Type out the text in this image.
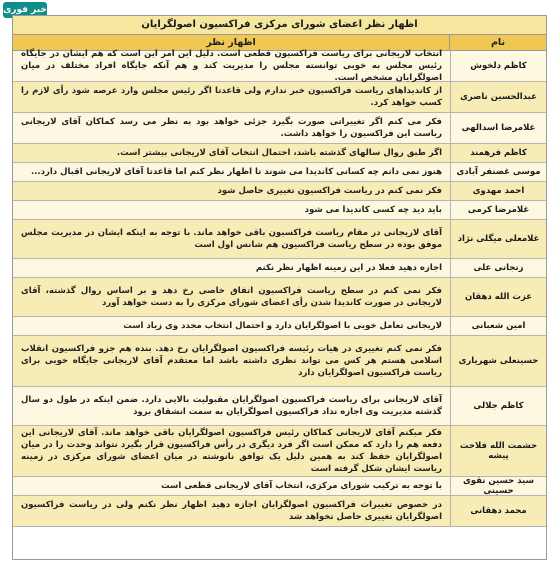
خبر فوری
اظهار نظر اعضای شورای مرکزی فراکسیون اصولگرایان
نام
اظهار نظر
کاظم دلخوش
انتخاب لاریجانی برای ریاست فراکسیون قطعی است. دلیل این امر این است که هم ایشان در جایگاه رئیس مجلس به خوبی توانسته مجلس را مدیریت کند و هم آنکه جایگاه افراد مختلف در میان اصولگرایان مشخص است.
عبدالحسین ناصری
از کاندیداهای ریاست فراکسیون خبر ندارم ولی قاعدتا اگر رئیس مجلس وارد عرصه شود رأی لازم را کسب خواهد کرد.
غلامرضا اسدالهی
فکر می کنم اگر تغییراتی صورت بگیرد جزئی خواهد بود به نظر می رسد کماکان آقای لاریجانی ریاست این فراکسیون را خواهد داشت.
کاظم فرهمند
اگر طبق روال سالهای گذشته باشد، احتمال انتخاب آقای لاریجانی بیشتر است.
موسی غضنفر آبادی
هنوز نمی دانم چه کسانی کاندیدا می شوند تا اظهار نظر کنم اما قاعدتا آقای لاریجانی اقبال دارد...
احمد مهدوی
فکر نمی کنم در ریاست فراکسیون تغییری حاصل شود
غلامرضا کرمی
باید دید چه کسی کاندیدا می شود
غلامعلی میگلی نژاد
آقای لاریجانی در مقام ریاست فراکسیون باقی خواهد ماند. با توجه به اینکه ایشان در مدیریت مجلس موفق بوده در سطح ریاست فراکسیون هم شانس اول است
زنجانی علی
اجازه دهید فعلا در این زمینه اظهار نظر نکنم
عزت الله دهقان
فکر نمی کنم در سطح ریاست فراکسیون اتفاق خاصی رخ دهد و بر اساس روال گذشته، آقای لاریجانی در صورت کاندیدا شدن رأی اعضای شورای مرکزی را به دست خواهد آورد
امین شعبانی
لاریجانی تعامل خوبی با اصولگرایان دارد و احتمال انتخاب مجدد وی زیاد است
حسینعلی شهریاری
فکر نمی کنم تغییری در هیات رئیسه فراکسیون اصولگرایان رخ دهد. بنده هم جزو فراکسیون انقلاب اسلامی هستم هر کس می تواند نظری داشته باشد اما معتقدم آقای لاریجانی جایگاه خوبی برای ریاست فراکسیون اصولگرایان دارد
کاظم جلالی
آقای لاریجانی برای ریاست فراکسیون اصولگرایان مقبولیت بالایی دارد. ضمن اینکه در طول دو سال گذشته مدیریت وی اجازه نداد فراکسیون اصولگرایان به سمت انشقاق برود
حشمت الله فلاحت پیشه
فکر میکنم آقای لاریجانی کماکان رئیس فراکسیون اصولگرایان باقی خواهد ماند. آقای لاریجانی این دفعه هم را دارد که ممکن است اگر فرد دیگری در رأس فراکسیون قرار بگیرد نتواند وحدت را در میان اصولگرایان حفظ کند به همین دلیل یک توافق نانوشته در میان اعضای شورای مرکزی در زمینه ریاست ایشان شکل گرفته است
سید حسین نقوی حسینی
با توجه به ترکیب شورای مرکزی، انتخاب آقای لاریجانی قطعی است
محمد دهقانی
در خصوص تغییرات فراکسیون اصولگرایان اجازه دهید اظهار نظر نکنم ولی در ریاست فراکسیون اصولگرایان تغییری حاصل نخواهد شد
